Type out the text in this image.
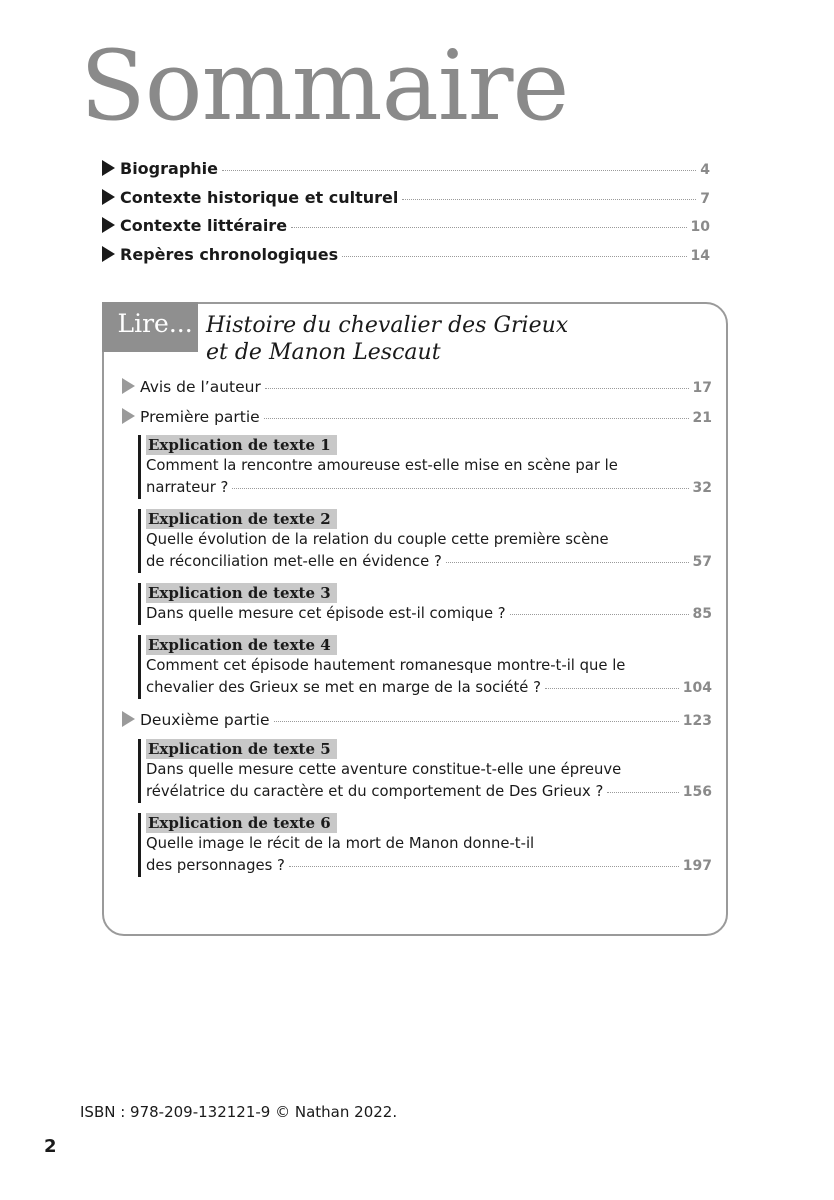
Sommaire
Biographie	4
Contexte historique et culturel	7
Contexte littéraire	10
Repères chronologiques	14
Lire... Histoire du chevalier des Grieux
et de Manon Lescaut
Avis de l’auteur	17
Première partie	21
Explication de texte 1
Comment la rencontre amoureuse est-elle mise en scène par le
narrateur ?	32
Explication de texte 2
Quelle évolution de la relation du couple cette première scène
de réconciliation met-elle en évidence ?	57
Explication de texte 3
Dans quelle mesure cet épisode est-il comique ?	85
Explication de texte 4
Comment cet épisode hautement romanesque montre-t-il que le
chevalier des Grieux se met en marge de la société ?	104
Deuxième partie	123
Explication de texte 5
Dans quelle mesure cette aventure constitue-t-elle une épreuve
révélatrice du caractère et du comportement de Des Grieux ?	156
Explication de texte 6
Quelle image le récit de la mort de Manon donne-t-il
des personnages ?	197
ISBN : 978-209-132121-9 © Nathan 2022.
2
